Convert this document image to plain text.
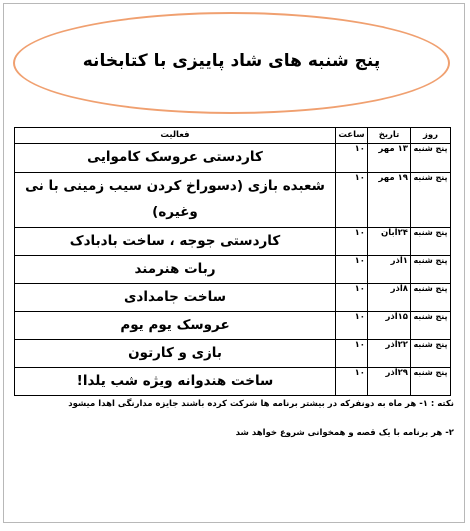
پنج شنبه های شاد پاییزی با کتابخانه
روز	تاریخ	ساعت	فعالیت
پنج شنبه	۱۳ مهر	۱۰	کاردستی عروسک کاموایی
پنج شنبه	۱۹ مهر	۱۰	شعبده بازی (دسوراخ کردن سیب زمینی با نی وغیره)
پنج شنبه	۲۴آبان	۱۰	کاردستی جوجه ، ساخت بادبادک
پنج شنبه	۱آذر	۱۰	ربات هنرمند
پنج شنبه	۸آذر	۱۰	ساخت جامدادی
پنج شنبه	۱۵آذر	۱۰	عروسک یوم یوم
پنج شنبه	۲۲آذر	۱۰	بازی و کارتون
پنج شنبه	۲۹آذر	۱۰	ساخت هندوانه ویژه شب یلدا!

نکته : ۱- هر ماه به دونفرکه در بیشتر برنامه ها شرکت کرده باشند جایزه مدارنگی اهدا میشود

۲- هر برنامه با یک قصه و همخوانی شروع خواهد شد
